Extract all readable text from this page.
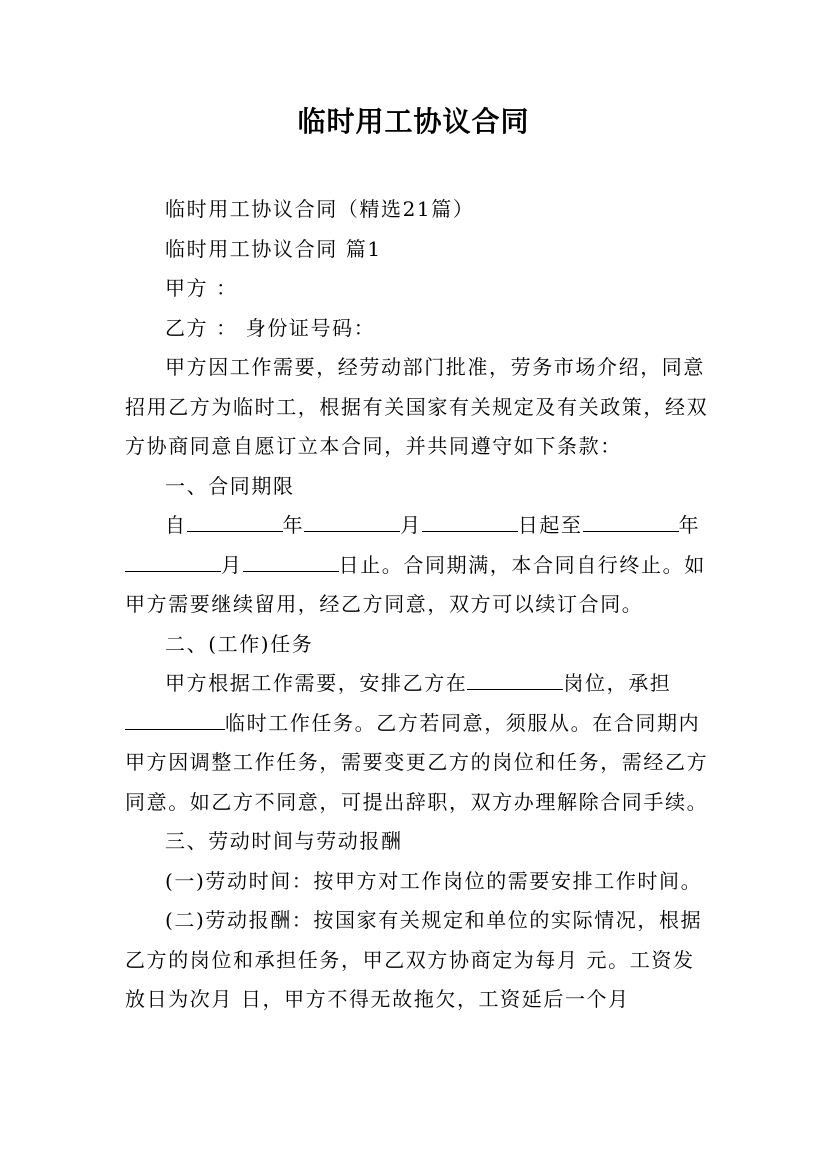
临时用工协议合同

临时用工协议合同（精选21篇）

临时用工协议合同 篇1

甲方 ：

乙方 ： 身份证号码：

甲方因工作需要，经劳动部门批准，劳务市场介绍，同意招用乙方为临时工，根据有关国家有关规定及有关政策，经双方协商同意自愿订立本合同，并共同遵守如下条款：

一、合同期限

自	年	月	日起至	年月	日止。合同期满，本合同自行终止。如甲方需要继续留用，经乙方同意，双方可以续订合同。

二、(工作)任务

甲方根据工作需要，安排乙方在	岗位，承担临时工作任务。乙方若同意，须服从。在合同期内甲方因调整工作任务，需要变更乙方的岗位和任务，需经乙方同意。如乙方不同意，可提出辞职，双方办理解除合同手续。

三、劳动时间与劳动报酬

(一)劳动时间：按甲方对工作岗位的需要安排工作时间。

(二)劳动报酬：按国家有关规定和单位的实际情况，根据乙方的岗位和承担任务，甲乙双方协商定为每月 元。工资发放日为次月 日，甲方不得无故拖欠，工资延后一个月
